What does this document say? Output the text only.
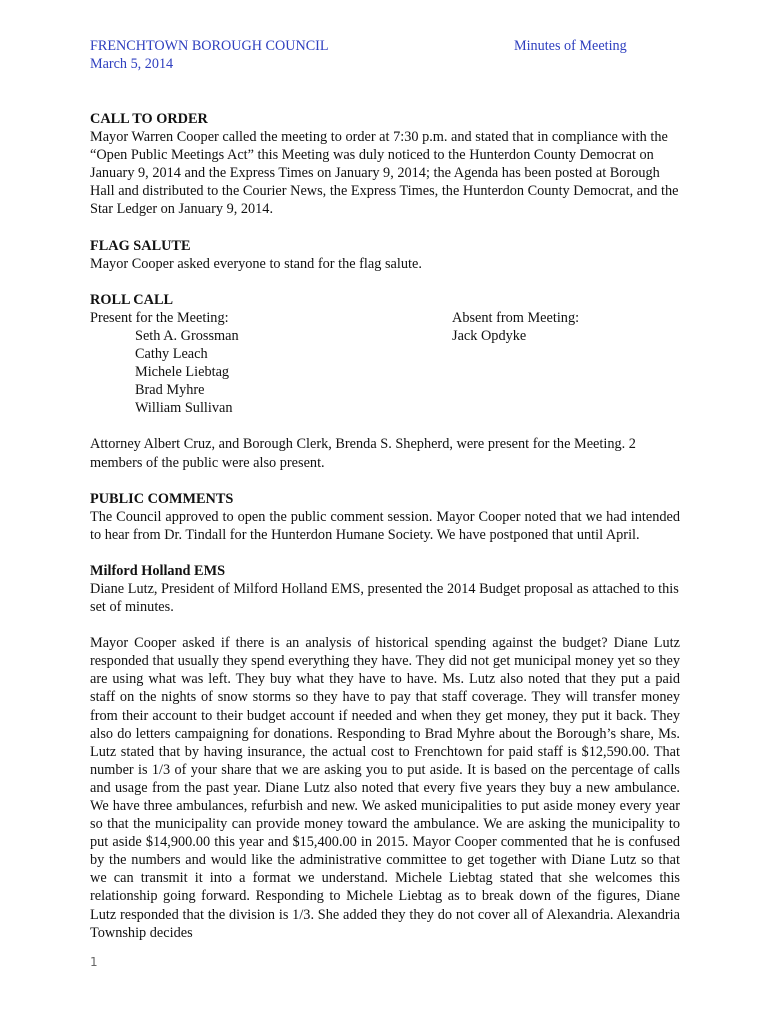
FRENCHTOWN BOROUGH COUNCIL
March 5, 2014
Minutes of Meeting
CALL TO ORDER

Mayor Warren Cooper called the meeting to order at 7:30 p.m. and stated that in compliance with the “Open Public Meetings Act” this Meeting was duly noticed to the Hunterdon County Democrat on January 9, 2014 and the Express Times on January 9, 2014; the Agenda has been posted at Borough Hall and distributed to the Courier News, the Express Times, the Hunterdon County Democrat, and the Star Ledger on January 9, 2014.

FLAG SALUTE

Mayor Cooper asked everyone to stand for the flag salute.

ROLL CALL
Present for the Meeting:
Seth A. Grossman
Cathy Leach
Michele Liebtag
Brad Myhre
William Sullivan
Absent from Meeting:
Jack Opdyke

Attorney Albert Cruz, and Borough Clerk, Brenda S. Shepherd, were present for the Meeting. 2 members of the public were also present.

PUBLIC COMMENTS

The Council approved to open the public comment session. Mayor Cooper noted that we had intended to hear from Dr. Tindall for the Hunterdon Humane Society. We have postponed that until April.

Milford Holland EMS

Diane Lutz, President of Milford Holland EMS, presented the 2014 Budget proposal as attached to this set of minutes.

Mayor Cooper asked if there is an analysis of historical spending against the budget? Diane Lutz responded that usually they spend everything they have. They did not get municipal money yet so they are using what was left. They buy what they have to have. Ms. Lutz also noted that they put a paid staff on the nights of snow storms so they have to pay that staff coverage. They will transfer money from their account to their budget account if needed and when they get money, they put it back. They also do letters campaigning for donations. Responding to Brad Myhre about the Borough’s share, Ms. Lutz stated that by having insurance, the actual cost to Frenchtown for paid staff is $12,590.00. That number is 1/3 of your share that we are asking you to put aside. It is based on the percentage of calls and usage from the past year. Diane Lutz also noted that every five years they buy a new ambulance. We have three ambulances, refurbish and new. We asked municipalities to put aside money every year so that the municipality can provide money toward the ambulance. We are asking the municipality to put aside $14,900.00 this year and $15,400.00 in 2015. Mayor Cooper commented that he is confused by the numbers and would like the administrative committee to get together with Diane Lutz so that we can transmit it into a format we understand. Michele Liebtag stated that she welcomes this relationship going forward. Responding to Michele Liebtag as to break down of the figures, Diane Lutz responded that the division is 1/3. She added they they do not cover all of Alexandria. Alexandria Township decides

1
